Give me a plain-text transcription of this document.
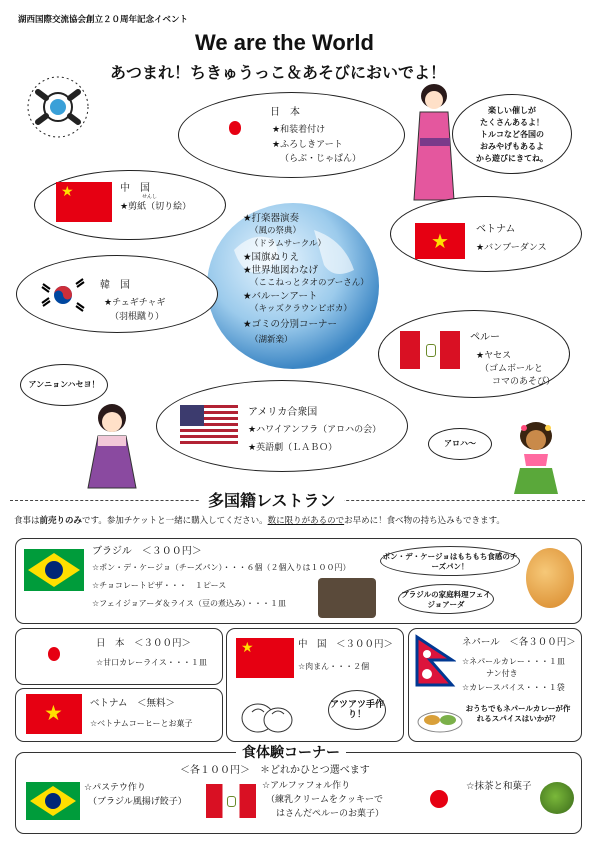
湖西国際交流協会創立２０周年記念イベント
We are the World
あつまれ！ちきゅうっこ＆あそびにおいでよ！
日　本
★和装着付け
★ふろしきアート
（らぶ・じゃぱん）
楽しい催しが
たくさんあるよ！
トルコなど各国の
おみやげもあるよ
から遊びにきてね。
★	中　国
せんし
★剪紙（切り絵）
★打楽器演奏
（風の祭典）
（ドラムサークル）
★国旗ぬりえ
★世界地図わなげ
（ここねっとタオのブーさん）
★バルーンアート
（キッズクラウンピボカ）
★ゴミの分別コーナー
（湖新楽）
★	ベトナム
★バンブーダンス
韓　国
★チェギチャギ
（羽根蹴り）
ペルー
★ヤセス
（ゴムボールと
コマのあそび）
アンニョンハセヨ！
アメリカ合衆国
★ハワイアンフラ（アロハの会）
★英語劇（ＬＡＢＯ）	アロハ〜
多国籍レストラン
食事は前売りのみです。参加チケットと一緒に購入してください。数に限りがあるのでお早めに！食べ物の持ち込みもできます。
ブラジル　＜３００円＞
☆ポン・デ・ケージョ（チーズパン）・・・６個（２個入りは１００円）
☆チョコレートピザ・・・　１ピース
☆フェイジョアーダ＆ライス（豆の煮込み）・・・１皿
ポン・デ・ケージョはもちもち食感のチーズパン！
ブラジルの家庭料理フェイジョアーダ
日　本　＜３００円＞
☆甘口カレーライス・・・１皿
★	ベトナム　＜無料＞
☆ベトナムコーヒーとお菓子
★	中　国　＜３００円＞
☆肉まん・・・２個
アツアツ手作り！
ネパール　＜各３００円＞
☆ネパールカレー・・・１皿
ナン付き
☆カレースパイス・・・１袋
おうちでもネパールカレーが作れるスパイスはいかが？
食体験コーナー
＜各１００円＞　＊どれかひとつ選べます
☆パステウ作り
（ブラジル風揚げ餃子）
☆アルファフォル作り
（練乳クリームをクッキーで
はさんだペルーのお菓子）
☆抹茶と和菓子
